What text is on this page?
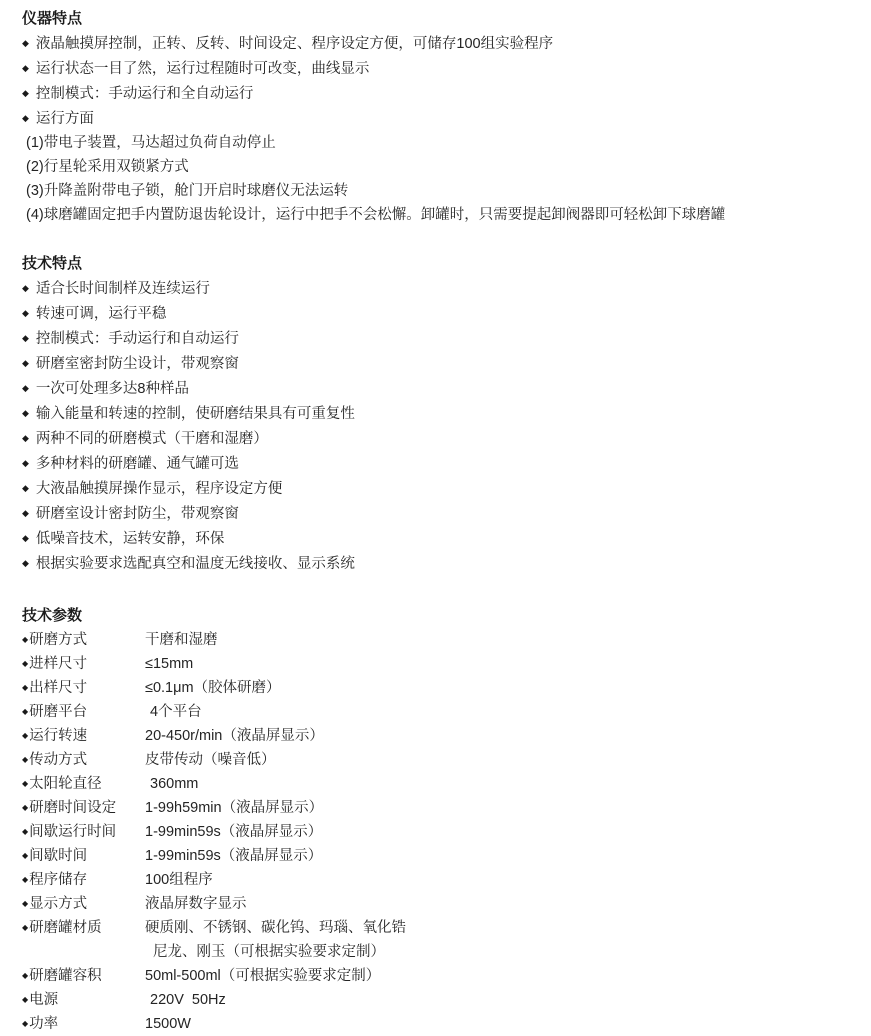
仪器特点
◆ 液晶触摸屏控制，正转、反转、时间设定、程序设定方便，可储存100组实验程序
◆ 运行状态一目了然，运行过程随时可改变，曲线显示
◆ 控制模式：手动运行和全自动运行
◆ 运行方面
(1)带电子装置，马达超过负荷自动停止
(2)行星轮采用双锁紧方式
(3)升降盖附带电子锁，舱门开启时球磨仪无法运转
(4)球磨罐固定把手内置防退齿轮设计，运行中把手不会松懈。卸罐时，只需要提起卸阀器即可轻松卸下球磨罐
技术特点
◆ 适合长时间制样及连续运行
◆ 转速可调，运行平稳
◆ 控制模式：手动运行和自动运行
◆ 研磨室密封防尘设计，带观察窗
◆ 一次可处理多达8种样品
◆ 输入能量和转速的控制，使研磨结果具有可重复性
◆ 两种不同的研磨模式（干磨和湿磨）
◆ 多种材料的研磨罐、通气罐可选
◆ 大液晶触摸屏操作显示，程序设定方便
◆ 研磨室设计密封防尘，带观察窗
◆ 低噪音技术，运转安静，环保
◆ 根据实验要求选配真空和温度无线接收、显示系统
技术参数
◆研磨方式	干磨和湿磨
◆进样尺寸	≤15mm
◆出样尺寸	≤0.1μm（胶体研磨）
◆研磨平台	4个平台
◆运行转速	20-450r/min（液晶屏显示）
◆传动方式	皮带传动（噪音低）
◆太阳轮直径	360mm
◆研磨时间设定	1-99h59min（液晶屏显示）
◆间歇运行时间	1-99min59s（液晶屏显示）
◆间歇时间	1-99min59s（液晶屏显示）
◆程序储存	100组程序
◆显示方式	液晶屏数字显示
◆研磨罐材质	硬质刚、不锈钢、碳化钨、玛瑙、氧化锆
尼龙、刚玉（可根据实验要求定制）
◆研磨罐容积	50ml-500ml（可根据实验要求定制）
◆电源	220V  50Hz
◆功率	1500W
